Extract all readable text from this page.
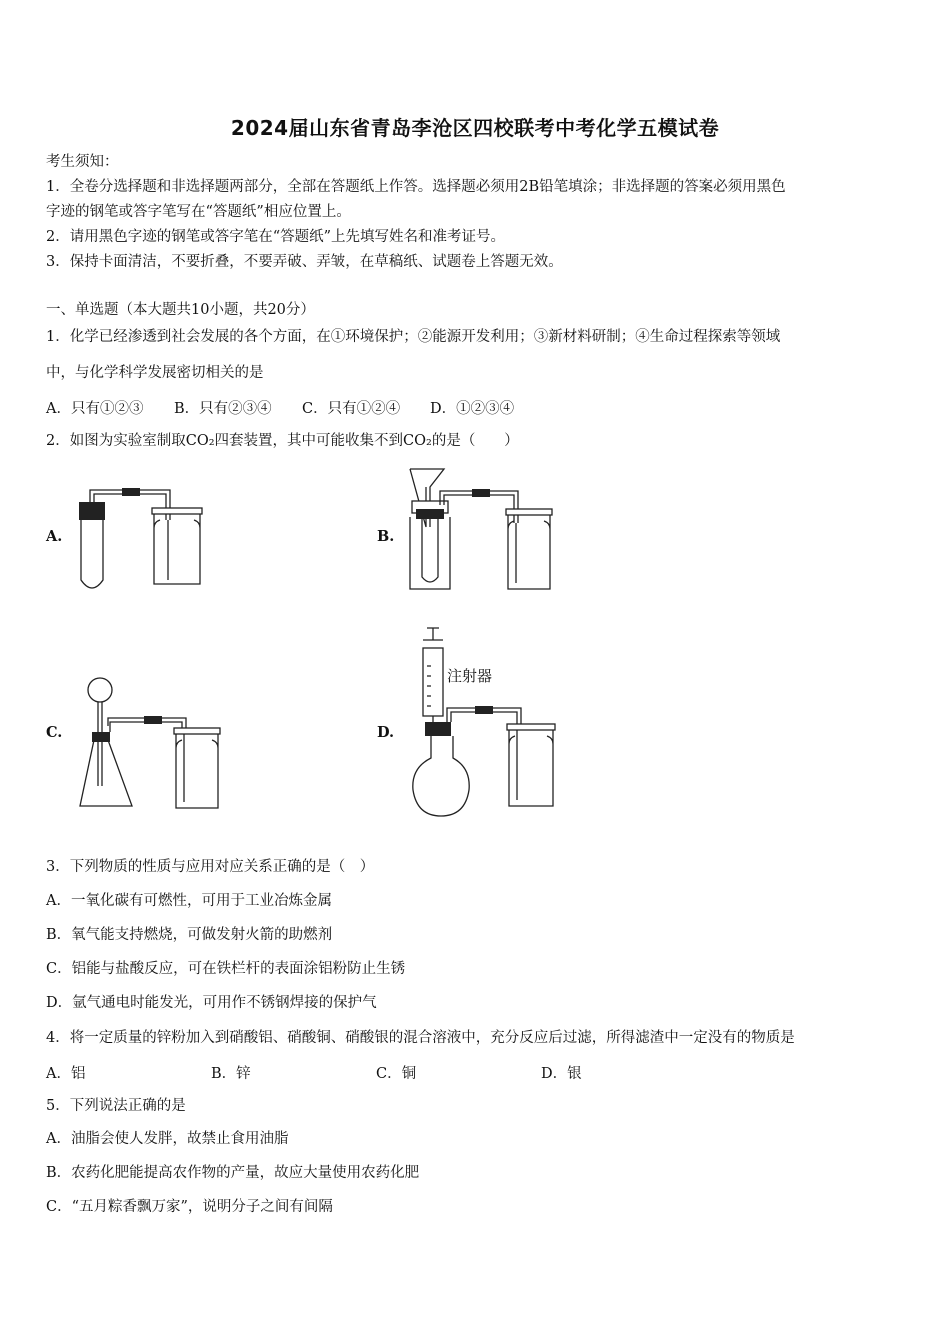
2024届山东省青岛李沧区四校联考中考化学五模试卷
考生须知：
1．全卷分选择题和非选择题两部分，全部在答题纸上作答。选择题必须用2B铅笔填涂；非选择题的答案必须用黑色
字迹的钢笔或答字笔写在“答题纸”相应位置上。
2．请用黑色字迹的钢笔或答字笔在“答题纸”上先填写姓名和准考证号。
3．保持卡面清洁，不要折叠，不要弄破、弄皱，在草稿纸、试题卷上答题无效。
一、单选题（本大题共10小题，共20分）
1．化学已经渗透到社会发展的各个方面，在①环境保护；②能源开发利用；③新材料研制；④生命过程探索等领域
中，与化学科学发展密切相关的是
A．只有①②③ B．只有②③④ C．只有①②④ D．①②③④
2．如图为实验室制取CO₂四套装置，其中可能收集不到CO₂的是（　　）
A.	B.
C.	D.
注射器
3．下列物质的性质与应用对应关系正确的是（　）
A．一氧化碳有可燃性，可用于工业冶炼金属
B．氧气能支持燃烧，可做发射火箭的助燃剂
C．铝能与盐酸反应，可在铁栏杆的表面涂铝粉防止生锈
D．氩气通电时能发光，可用作不锈钢焊接的保护气
4．将一定质量的锌粉加入到硝酸铝、硝酸铜、硝酸银的混合溶液中，充分反应后过滤，所得滤渣中一定没有的物质是
A．铝	B．锌	C．铜	D．银
5．下列说法正确的是
A．油脂会使人发胖，故禁止食用油脂
B．农药化肥能提高农作物的产量，故应大量使用农药化肥
C．“五月粽香飘万家”，说明分子之间有间隔
